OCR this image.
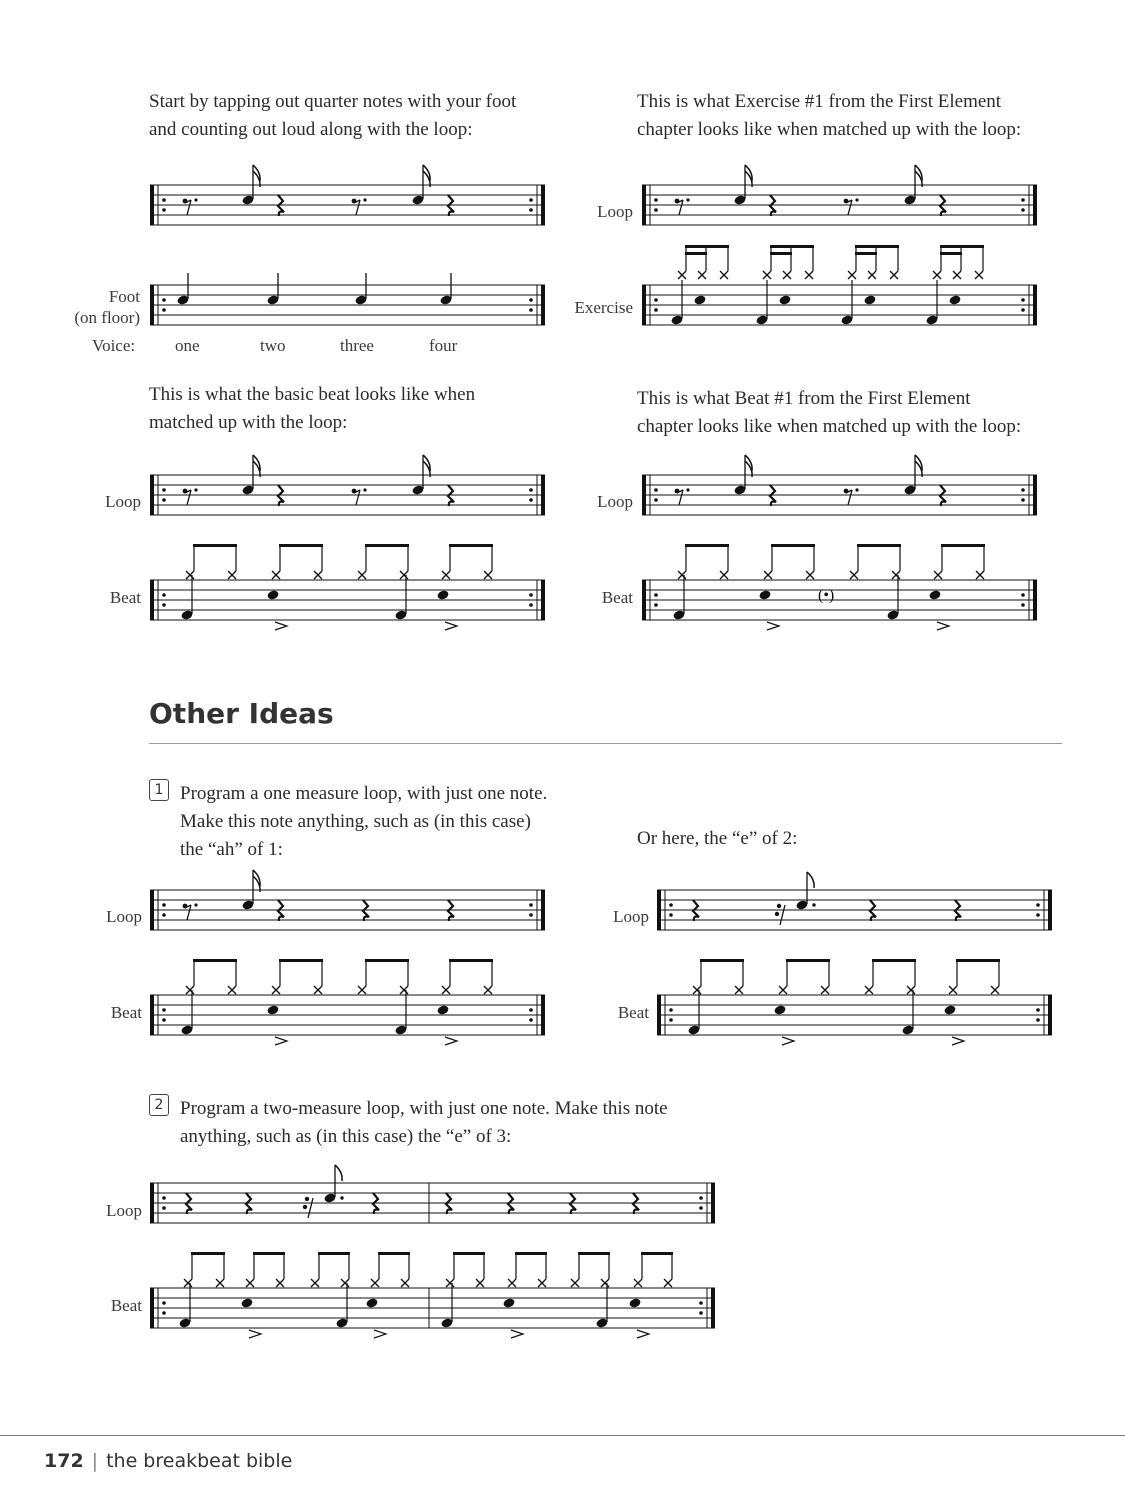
Start by tapping out quarter notes with your foot
and counting out loud along with the loop:

This is what Exercise #1 from the First Element
chapter looks like when matched up with the loop:

Foot
(on floor)
Voice: one	two	three	four
Loop
Exercise

This is what the basic beat looks like when
matched up with the loop:

This is what Beat #1 from the First Element
chapter looks like when matched up with the loop:

Loop
Beat
Loop
Beat	(•)
Other Ideas
1 Program a one measure loop, with just one note.
Make this note anything, such as (in this case)
the “ah” of 1:

Or here, the “e” of 2:

Loop
Beat
Loop
Beat
2 Program a two-measure loop, with just one note. Make this note
anything, such as (in this case) the “e” of 3:

Loop
Beat
172 | the breakbeat bible
